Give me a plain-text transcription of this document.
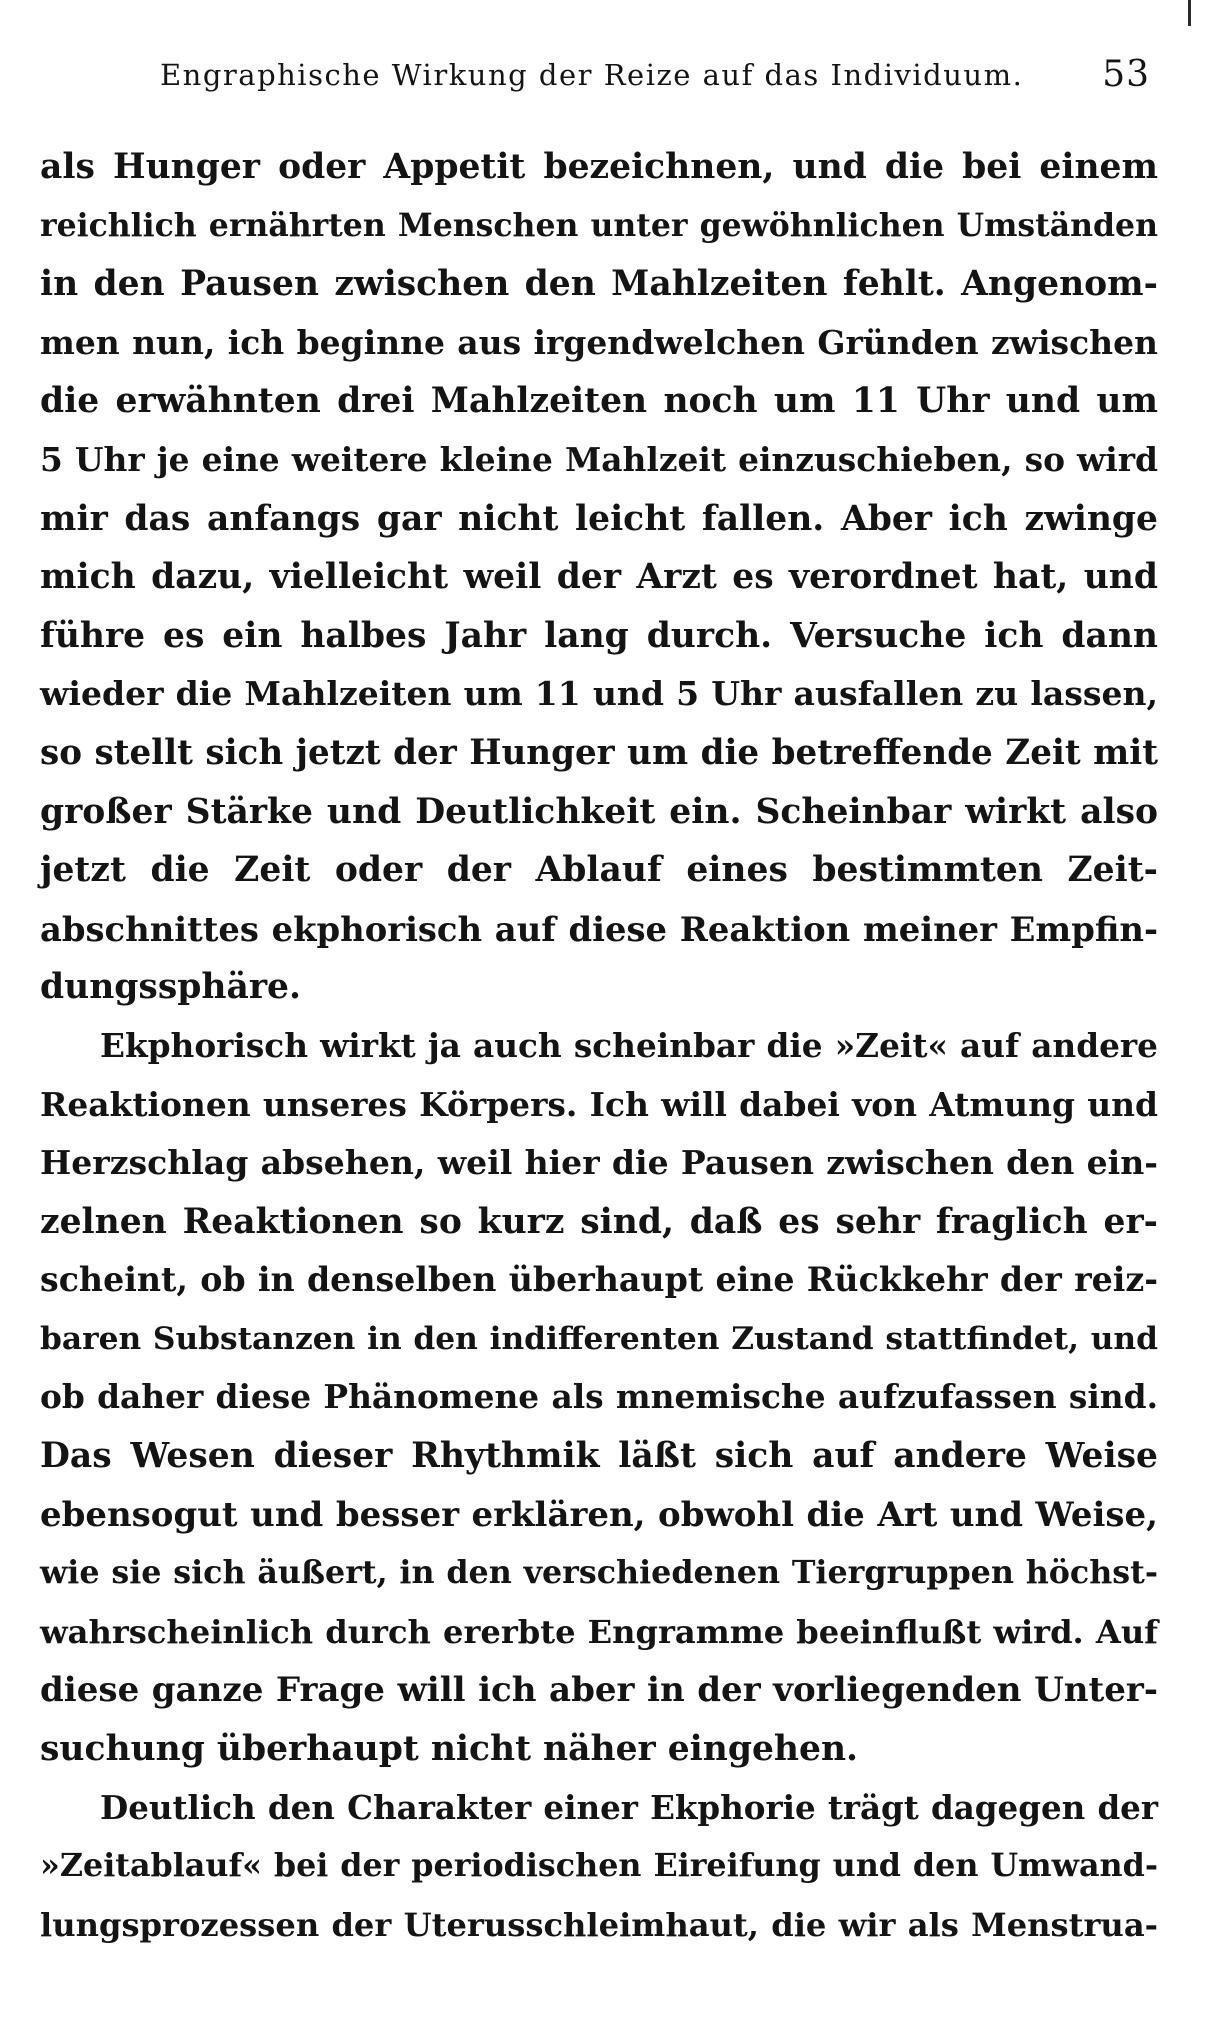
Engraphische Wirkung der Reize auf das Individuum. 53
als Hunger oder Appetit bezeichnen, und die bei einem
reichlich ernährten Menschen unter gewöhnlichen Umständen
in den Pausen zwischen den Mahlzeiten fehlt. Angenom-
men nun, ich beginne aus irgendwelchen Gründen zwischen
die erwähnten drei Mahlzeiten noch um 11 Uhr und um
5 Uhr je eine weitere kleine Mahlzeit einzuschieben, so wird
mir das anfangs gar nicht leicht fallen. Aber ich zwinge
mich dazu, vielleicht weil der Arzt es verordnet hat, und
führe es ein halbes Jahr lang durch. Versuche ich dann
wieder die Mahlzeiten um 11 und 5 Uhr ausfallen zu lassen,
so stellt sich jetzt der Hunger um die betreffende Zeit mit
großer Stärke und Deutlichkeit ein. Scheinbar wirkt also
jetzt die Zeit oder der Ablauf eines bestimmten Zeit-
abschnittes ekphorisch auf diese Reaktion meiner Empfin-
dungssphäre.
Ekphorisch wirkt ja auch scheinbar die »Zeit« auf andere
Reaktionen unseres Körpers. Ich will dabei von Atmung und
Herzschlag absehen, weil hier die Pausen zwischen den ein-
zelnen Reaktionen so kurz sind, daß es sehr fraglich er-
scheint, ob in denselben überhaupt eine Rückkehr der reiz-
baren Substanzen in den indifferenten Zustand stattfindet, und
ob daher diese Phänomene als mnemische aufzufassen sind.
Das Wesen dieser Rhythmik läßt sich auf andere Weise
ebensogut und besser erklären, obwohl die Art und Weise,
wie sie sich äußert, in den verschiedenen Tiergruppen höchst-
wahrscheinlich durch ererbte Engramme beeinflußt wird. Auf
diese ganze Frage will ich aber in der vorliegenden Unter-
suchung überhaupt nicht näher eingehen.
Deutlich den Charakter einer Ekphorie trägt dagegen der
»Zeitablauf« bei der periodischen Eireifung und den Umwand-
lungsprozessen der Uterusschleimhaut, die wir als Menstrua-
